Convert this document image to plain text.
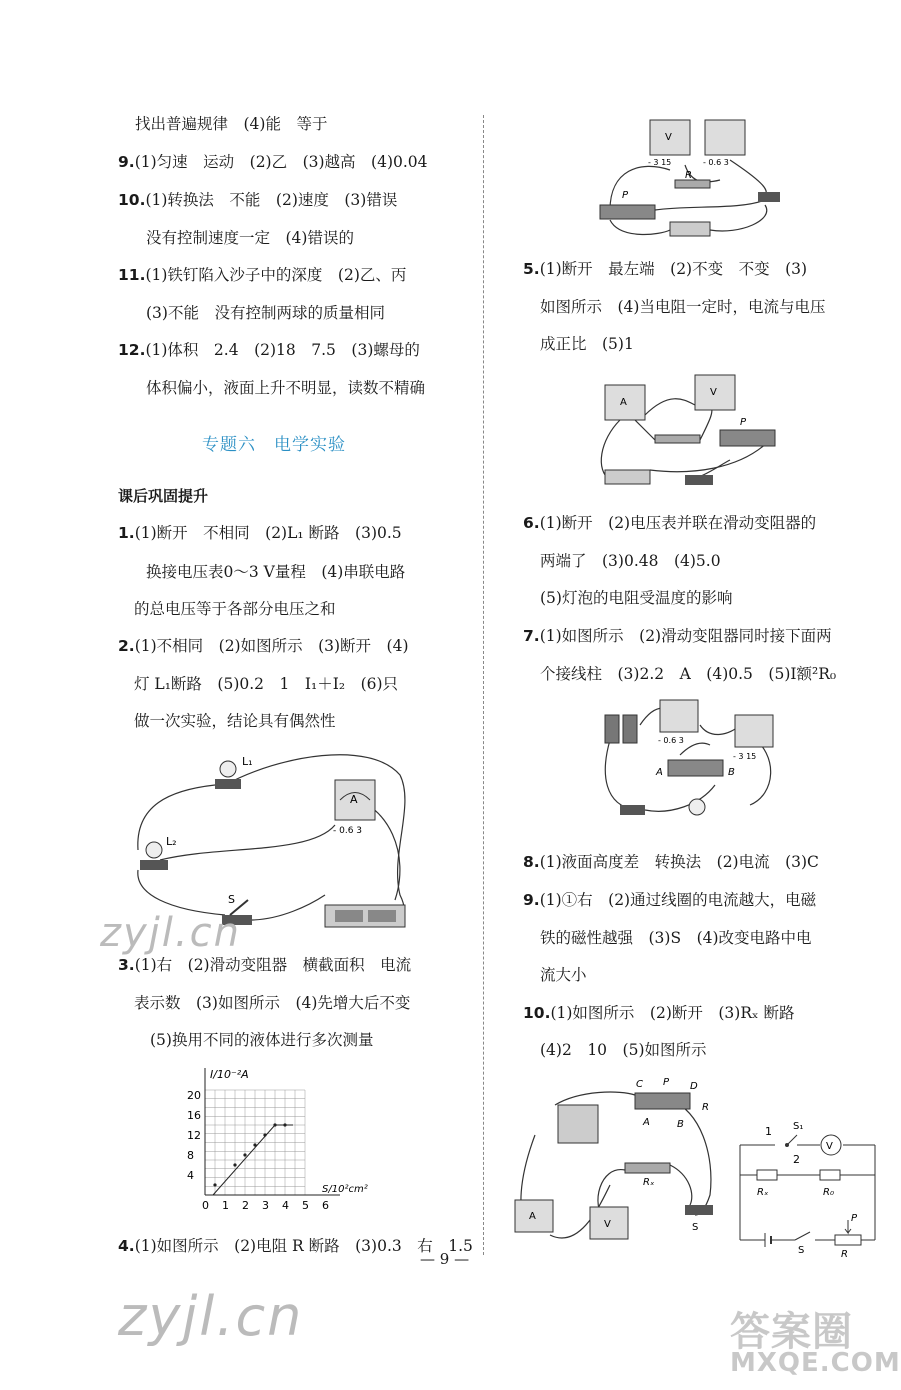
找出普遍规律　(4)能　等于
9.(1)匀速　运动　(2)乙　(3)越高　(4)0.04
10.(1)转换法　不能　(2)速度　(3)错误
没有控制速度一定　(4)错误的
11.(1)铁钉陷入沙子中的深度　(2)乙、丙
(3)不能　没有控制两球的质量相同
12.(1)体积　2.4　(2)18　7.5　(3)螺母的
体积偏小，液面上升不明显，读数不精确
专题六　电学实验
课后巩固提升
1.(1)断开　不相同　(2)L₁ 断路　(3)0.5
换接电压表0～3 V量程　(4)串联电路
的总电压等于各部分电压之和
2.(1)不相同　(2)如图所示　(3)断开　(4)
灯 L₁断路　(5)0.2　1　I₁＋I₂　(6)只
做一次实验，结论具有偶然性
L₁
L₂
A
- 0.6 3
S
3.(1)右　(2)滑动变阻器　横截面积　电流
表示数　(3)如图所示　(4)先增大后不变
(5)换用不同的液体进行多次测量
0 1 2 3 4 5 6
4
8
12
16
20
I/10⁻²A
S/10²cm²
4.(1)如图所示　(2)电阻 R 断路　(3)0.3　右　1.5
V
- 3 15	- 0.6 3
R
P
5.(1)断开　最左端　(2)不变　不变　(3)
如图所示　(4)当电阻一定时，电流与电压
成正比　(5)1
A
V
P
6.(1)断开　(2)电压表并联在滑动变阻器的
两端了　(3)0.48　(4)5.0
(5)灯泡的电阻受温度的影响
7.(1)如图所示　(2)滑动变阻器同时接下面两
个接线柱　(3)2.2　A　(4)0.5　(5)I额²R₀
- 0.6 3
- 3 15
A	B
8.(1)液面高度差　转换法　(2)电流　(3)C
9.(1)①右　(2)通过线圈的电流越大，电磁
铁的磁性越强　(3)S　(4)改变电路中电
流大小
10.(1)如图所示　(2)断开　(3)Rₓ 断路
(4)2　10　(5)如图所示
C P D
R
A	B
Rₓ
A
V	S
1
2
S₁
V
Rₓ	R₀
S
P
R
— 9 —
zyjl.cn
zyjl.cn	答案圈
MXQE.COM
